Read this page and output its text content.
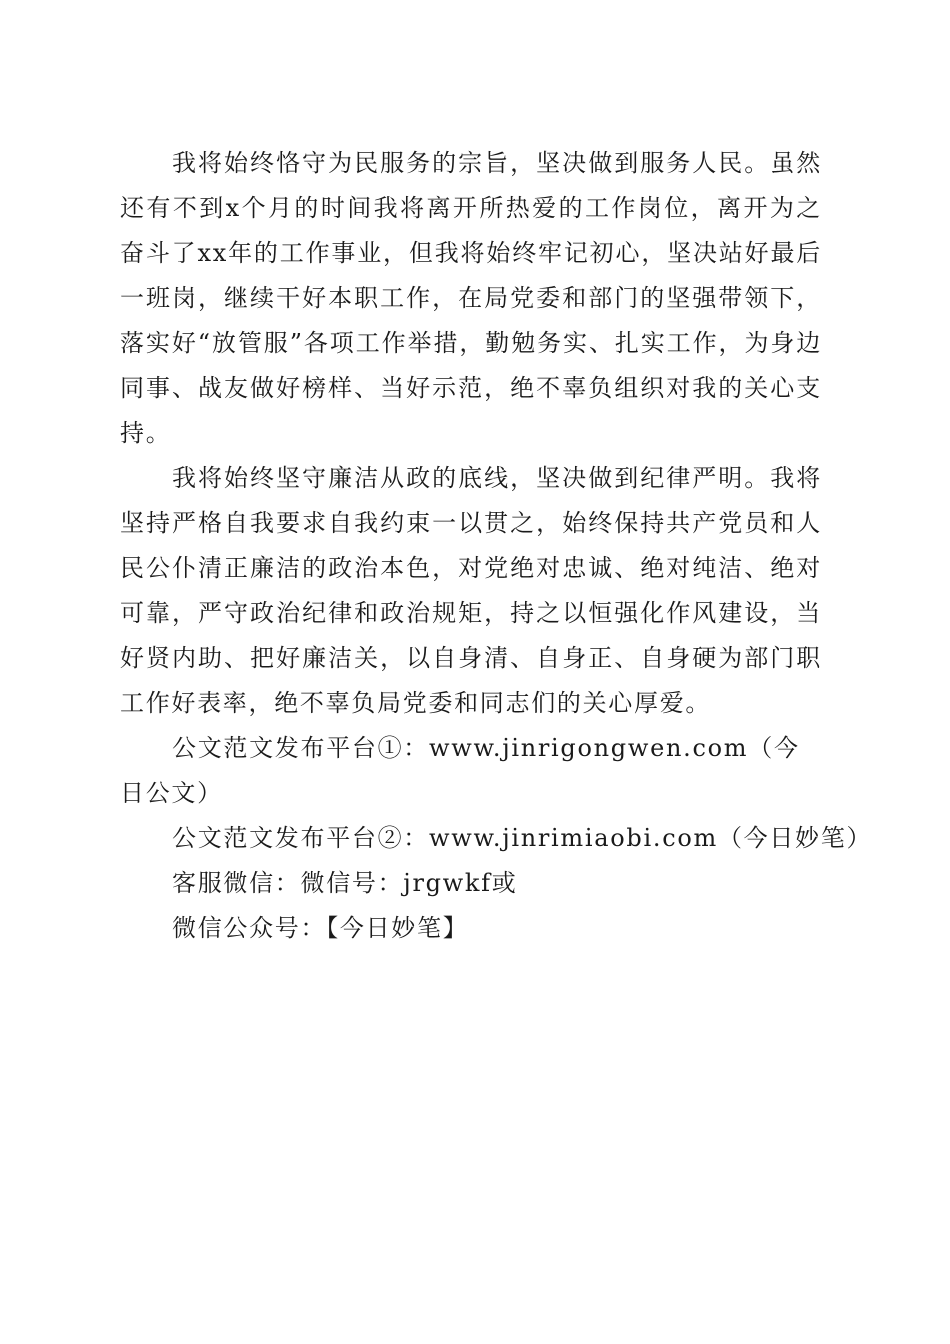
我将始终恪守为民服务的宗旨，坚决做到服务人民。虽然还有不到x个月的时间我将离开所热爱的工作岗位，离开为之奋斗了xx年的工作事业，但我将始终牢记初心，坚决站好最后一班岗，继续干好本职工作，在局党委和部门的坚强带领下，落实好“放管服”各项工作举措，勤勉务实、扎实工作，为身边同事、战友做好榜样、当好示范，绝不辜负组织对我的关心支持。

我将始终坚守廉洁从政的底线，坚决做到纪律严明。我将坚持严格自我要求自我约束一以贯之，始终保持共产党员和人民公仆清正廉洁的政治本色，对党绝对忠诚、绝对纯洁、绝对可靠，严守政治纪律和政治规矩，持之以恒强化作风建设，当好贤内助、把好廉洁关，以自身清、自身正、自身硬为部门职工作好表率，绝不辜负局党委和同志们的关心厚爱。

公文范文发布平台①：www.jinrigongwen.com（今日公文）

公文范文发布平台②：www.jinrimiaobi.com（今日妙笔）

客服微信：微信号：jrgwkf或

微信公众号：【今日妙笔】
